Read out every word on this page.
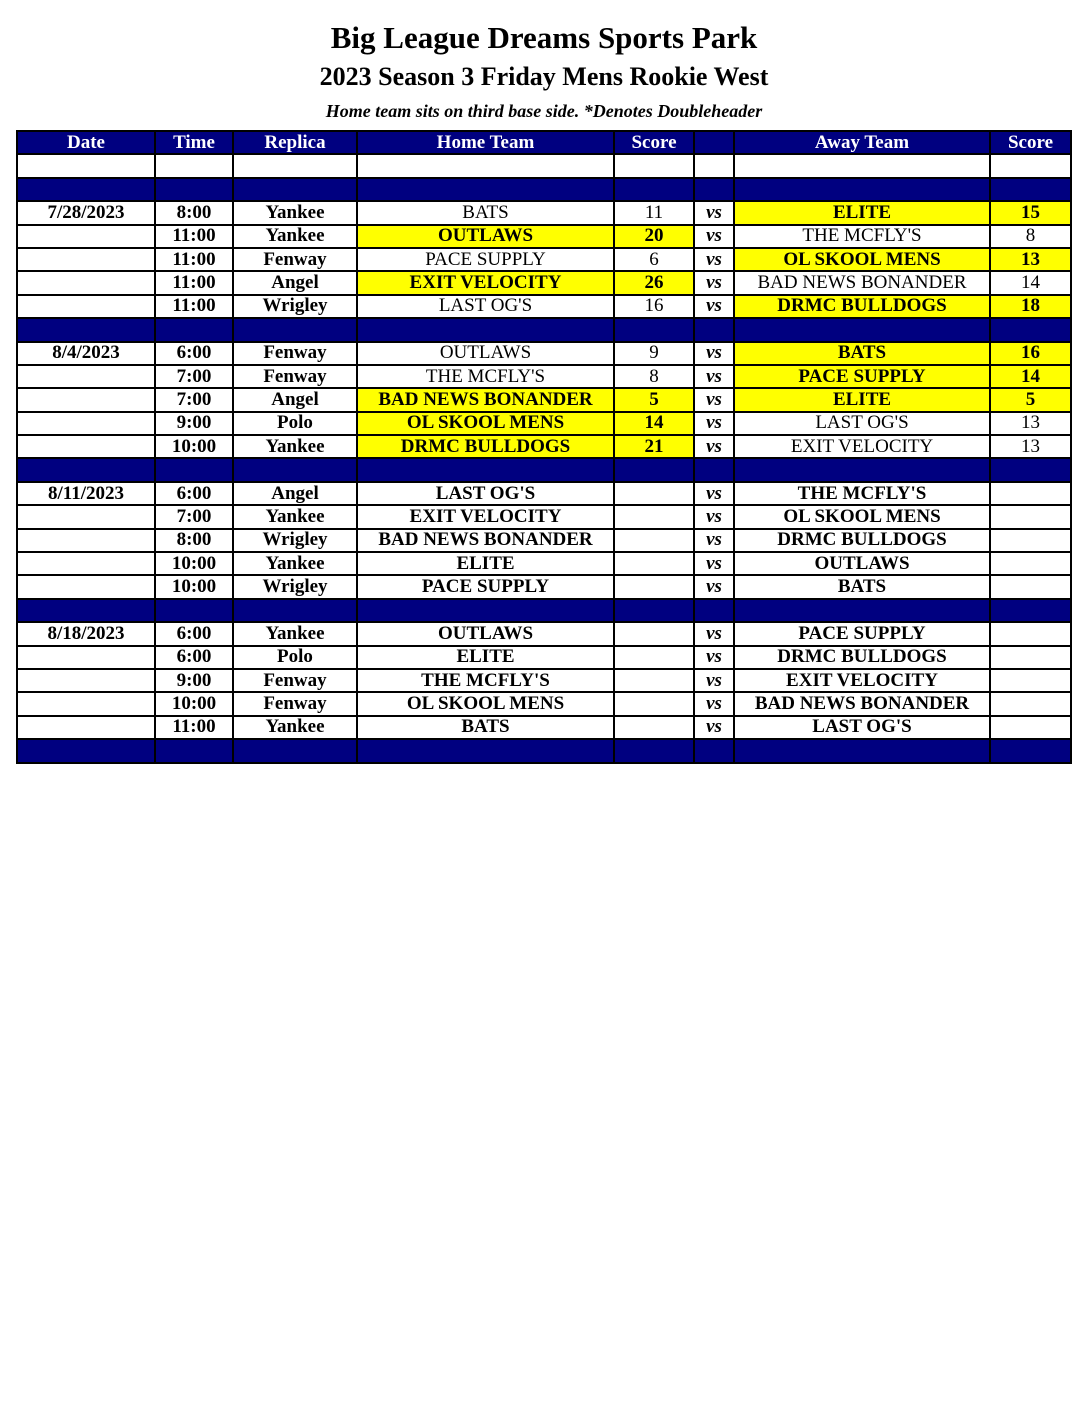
Big League Dreams Sports Park
2023 Season 3 Friday Mens Rookie West
Home team sits on third base side. *Denotes Doubleheader
Date	Time	Replica	Home Team	Score		Away Team	Score

7/28/2023	8:00	Yankee	BATS	11	vs	ELITE	15
	11:00	Yankee	OUTLAWS	20	vs	THE MCFLY'S	8
	11:00	Fenway	PACE SUPPLY	6	vs	OL SKOOL MENS	13
	11:00	Angel	EXIT VELOCITY	26	vs	BAD NEWS BONANDER	14
	11:00	Wrigley	LAST OG'S	16	vs	DRMC BULLDOGS	18

8/4/2023	6:00	Fenway	OUTLAWS	9	vs	BATS	16
	7:00	Fenway	THE MCFLY'S	8	vs	PACE SUPPLY	14
	7:00	Angel	BAD NEWS BONANDER	5	vs	ELITE	5
	9:00	Polo	OL SKOOL MENS	14	vs	LAST OG'S	13
	10:00	Yankee	DRMC BULLDOGS	21	vs	EXIT VELOCITY	13

8/11/2023	6:00	Angel	LAST OG'S		vs	THE MCFLY'S	
	7:00	Yankee	EXIT VELOCITY		vs	OL SKOOL MENS	
	8:00	Wrigley	BAD NEWS BONANDER		vs	DRMC BULLDOGS	
	10:00	Yankee	ELITE		vs	OUTLAWS	
	10:00	Wrigley	PACE SUPPLY		vs	BATS	

8/18/2023	6:00	Yankee	OUTLAWS		vs	PACE SUPPLY	
	6:00	Polo	ELITE		vs	DRMC BULLDOGS	
	9:00	Fenway	THE MCFLY'S		vs	EXIT VELOCITY	
	10:00	Fenway	OL SKOOL MENS		vs	BAD NEWS BONANDER	
	11:00	Yankee	BATS		vs	LAST OG'S	
